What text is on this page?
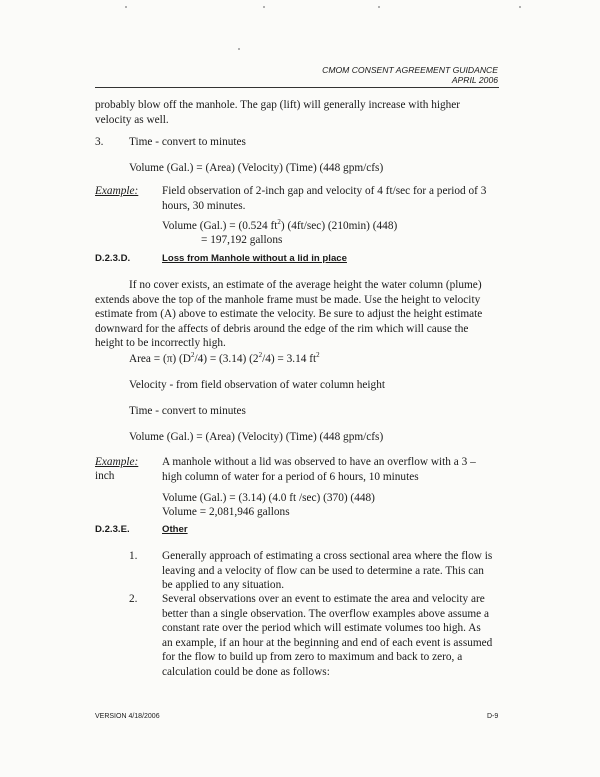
CMOM CONSENT AGREEMENT GUIDANCE
APRIL 2006
probably blow off the manhole. The gap (lift) will generally increase with higher
velocity as well.
3. Time - convert to minutes
Volume (Gal.) = (Area) (Velocity) (Time) (448 gpm/cfs)
Example: Field observation of 2-inch gap and velocity of 4 ft/sec for a period of 3
hours, 30 minutes.
Volume (Gal.) = (0.524 $ft^2$) (4ft/sec) (210min) (448)
= 197,192 gallons
D.2.3.D.	Loss from Manhole without a lid in place
If no cover exists, an estimate of the average height the water column (plume)
extends above the top of the manhole frame must be made. Use the height to velocity
estimate from (A) above to estimate the velocity. Be sure to adjust the height estimate
downward for the affects of debris around the edge of the rim which will cause the
height to be incorrectly high.
Area = (π) $(D^2/4) = (3.14) (2^2/4) = 3.14$ $ft^2$
Velocity - from field observation of water column height
Time - convert to minutes
Volume (Gal.) = (Area) (Velocity) (Time) (448 gpm/cfs)
Example:
inch
A manhole without a lid was observed to have an overflow with a 3 –
high column of water for a period of 6 hours, 10 minutes
Volume (Gal.) = (3.14) (4.0 ft /sec) (370) (448)
Volume = 2,081,946 gallons
D.2.3.E.	Other
1. Generally approach of estimating a cross sectional area where the flow is
leaving and a velocity of flow can be used to determine a rate. This can
be applied to any situation.
2. Several observations over an event to estimate the area and velocity are
better than a single observation. The overflow examples above assume a
constant rate over the period which will estimate volumes too high. As
an example, if an hour at the beginning and end of each event is assumed
for the flow to build up from zero to maximum and back to zero, a
calculation could be done as follows:
VERSION 4/18/2006	D-9
